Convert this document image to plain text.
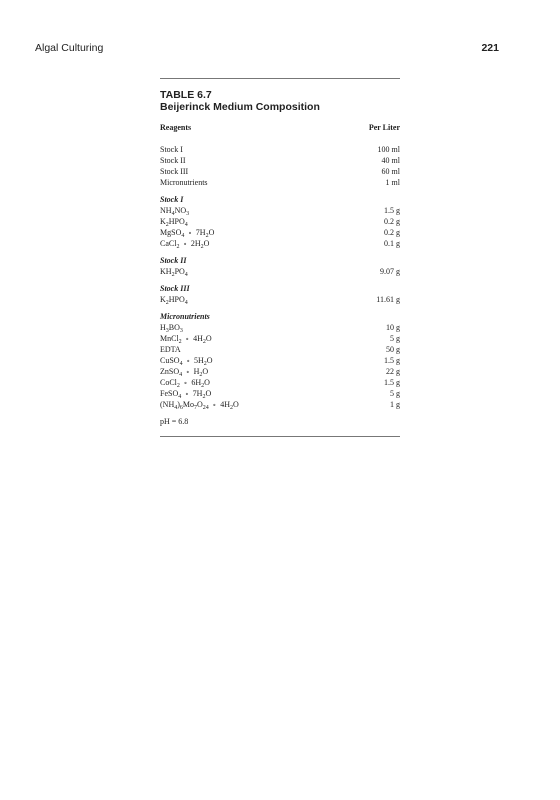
Algal Culturing	221
TABLE 6.7
Beijerinck Medium Composition
Reagents	Per Liter
Stock I	100 ml
Stock II	40 ml
Stock III	60 ml
Micronutrients	1 ml
Stock I
$NH_4NO_3$	1.5 g
$K_2HPO_4$	0.2 g
MgSO$_4$ ∘ $7H_2O$	0.2 g
CaCl$_2$ ∘ $2H_2O$	0.1 g
Stock II
$KH_2PO_4$	9.07 g
Stock III
$K_2HPO_4$	11.61 g
Micronutrients
$H_3BO_3$	10 g
MnCl$_2$ ∘ $4H_2O$	5 g
EDTA	50 g
CuSO$_4$ ∘ $5H_2O$	1.5 g
ZnSO$_4$ ∘ $H_2O$	22 g
CoCl$_2$ ∘ $6H_2O$	1.5 g
FeSO$_4$ ∘ $7H_2O$	5 g
$(NH_4)_6Mo_7O_{24}$ ∘ $4H_2O$	1 g
pH = 6.8
